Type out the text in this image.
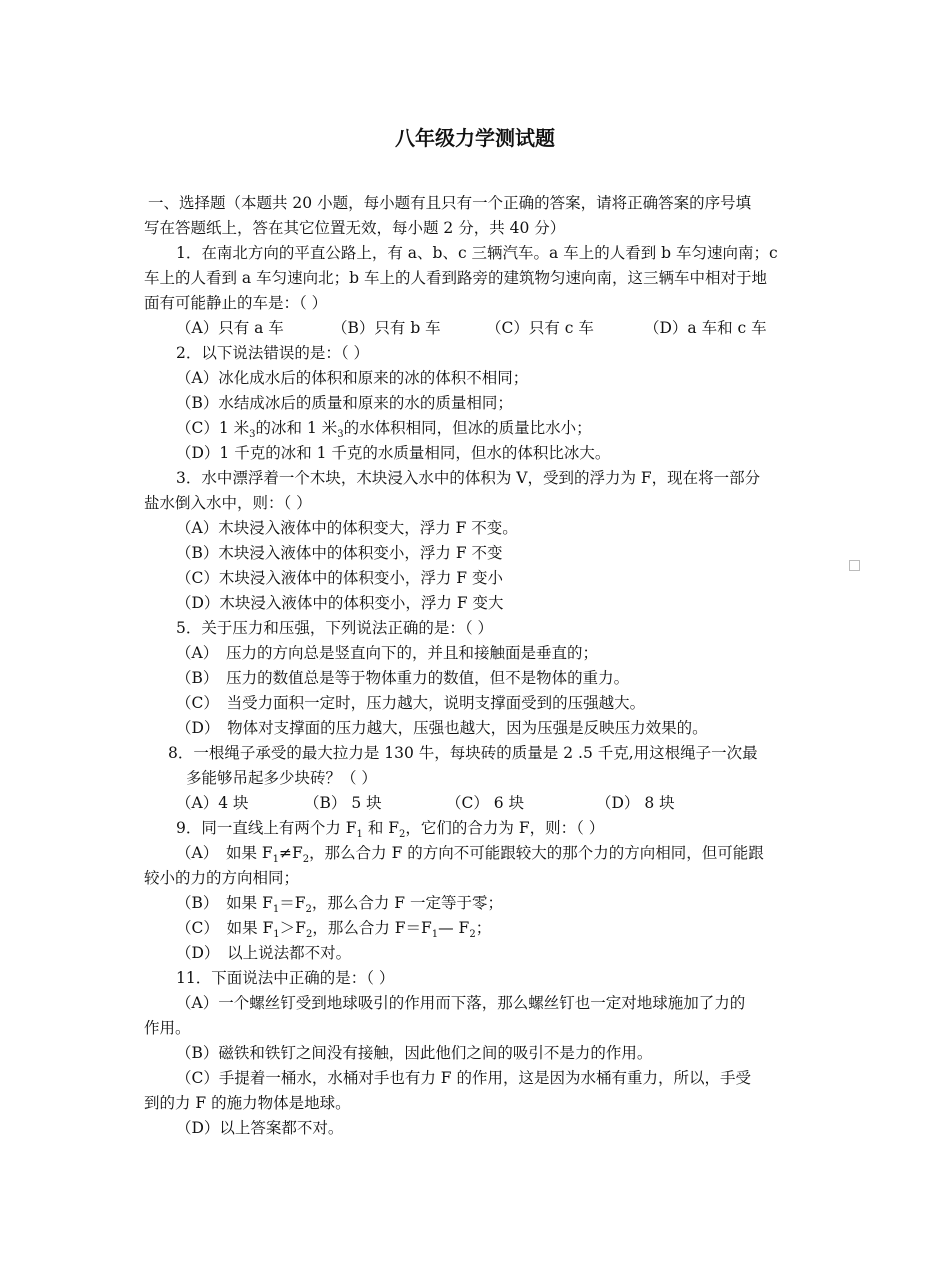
八年级力学测试题
一、选择题（本题共 20 小题，每小题有且只有一个正确的答案，请将正确答案的序号填
写在答题纸上，答在其它位置无效，每小题 2 分，共 40 分）
1．在南北方向的平直公路上，有 a、b、c 三辆汽车。a 车上的人看到 b 车匀速向南；c
车上的人看到 a 车匀速向北；b 车上的人看到路旁的建筑物匀速向南，这三辆车中相对于地
面有可能静止的车是：（ ）
（A）只有 a 车	（B）只有 b 车	（C）只有 c 车	（D）a 车和 c 车
2．以下说法错误的是：（ ）
（A）冰化成水后的体积和原来的冰的体积不相同；
（B）水结成冰后的质量和原来的水的质量相同；
（C）1 米$_3$的冰和 1 米$_3$的水体积相同，但冰的质量比水小；
（D）1 千克的冰和 1 千克的水质量相同，但水的体积比冰大。
3．水中漂浮着一个木块，木块浸入水中的体积为 V，受到的浮力为 F，现在将一部分
盐水倒入水中，则：（ ）
（A）木块浸入液体中的体积变大，浮力 F 不变。
（B）木块浸入液体中的体积变小，浮力 F 不变
（C）木块浸入液体中的体积变小，浮力 F 变小
（D）木块浸入液体中的体积变小，浮力 F 变大
5．关于压力和压强，下列说法正确的是：（ ）
（A）　压力的方向总是竖直向下的，并且和接触面是垂直的；
（B）　压力的数值总是等于物体重力的数值，但不是物体的重力。
（C）　当受力面积一定时，压力越大，说明支撑面受到的压强越大。
（D）　物体对支撑面的压力越大，压强也越大，因为压强是反映压力效果的。
8．一根绳子承受的最大拉力是 130 牛，每块砖的质量是 2 .5 千克,用这根绳子一次最
多能够吊起多少块砖？（ ）
（A）4 块	（B） 5 块	（C） 6 块	（D） 8 块
9．同一直线上有两个力 $F_1$ 和 $F_2$，它们的合力为 F，则：（ ）
（A）　如果 $F_1\ne F_2$，那么合力 F 的方向不可能跟较大的那个力的方向相同，但可能跟
较小的力的方向相同；
（B）　如果 $F_1=F_2$，那么合力 F 一定等于零；
（C）　如果 $F_1>F_2$，那么合力 $F=F_1—$ $F_2$；
（D）　以上说法都不对。
11．下面说法中正确的是：（ ）
（A）一个螺丝钉受到地球吸引的作用而下落，那么螺丝钉也一定对地球施加了力的
作用。
（B）磁铁和铁钉之间没有接触，因此他们之间的吸引不是力的作用。
（C）手提着一桶水，水桶对手也有力 F 的作用，这是因为水桶有重力，所以，手受
到的力 F 的施力物体是地球。
（D）以上答案都不对。
